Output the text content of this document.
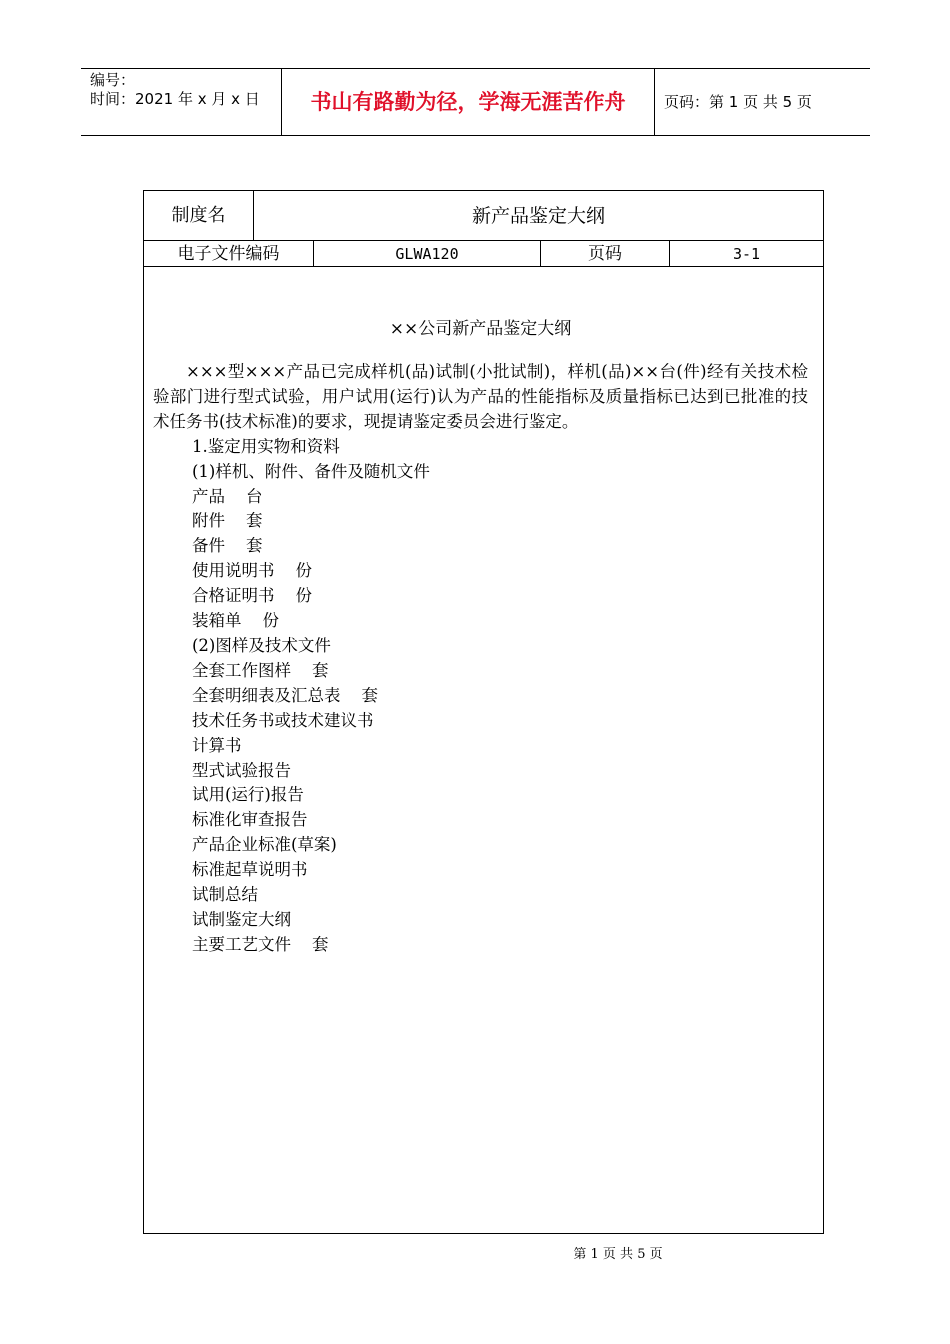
编号：
时间：2021 年 x 月 x 日	书山有路勤为径，学海无涯苦作舟	页码：第 1 页 共 5 页
制度名	新产品鉴定大纲
电子文件编码	GLWA120	页码	3-1
××公司新产品鉴定大纲

×××型×××产品已完成样机(品)试制(小批试制)，样机(品)××台(件)经有关技术检验部门进行型式试验，用户试用(运行)认为产品的性能指标及质量指标已达到已批准的技术任务书(技术标准)的要求，现提请鉴定委员会进行鉴定。

1.鉴定用实物和资料
(1)样机、附件、备件及随机文件
产品    台
附件    套
备件    套
使用说明书    份
合格证明书    份
装箱单    份
(2)图样及技术文件
全套工作图样    套
全套明细表及汇总表    套
技术任务书或技术建议书
计算书
型式试验报告
试用(运行)报告
标准化审查报告
产品企业标准(草案)
标准起草说明书
试制总结
试制鉴定大纲
主要工艺文件    套
第 1 页 共 5 页
